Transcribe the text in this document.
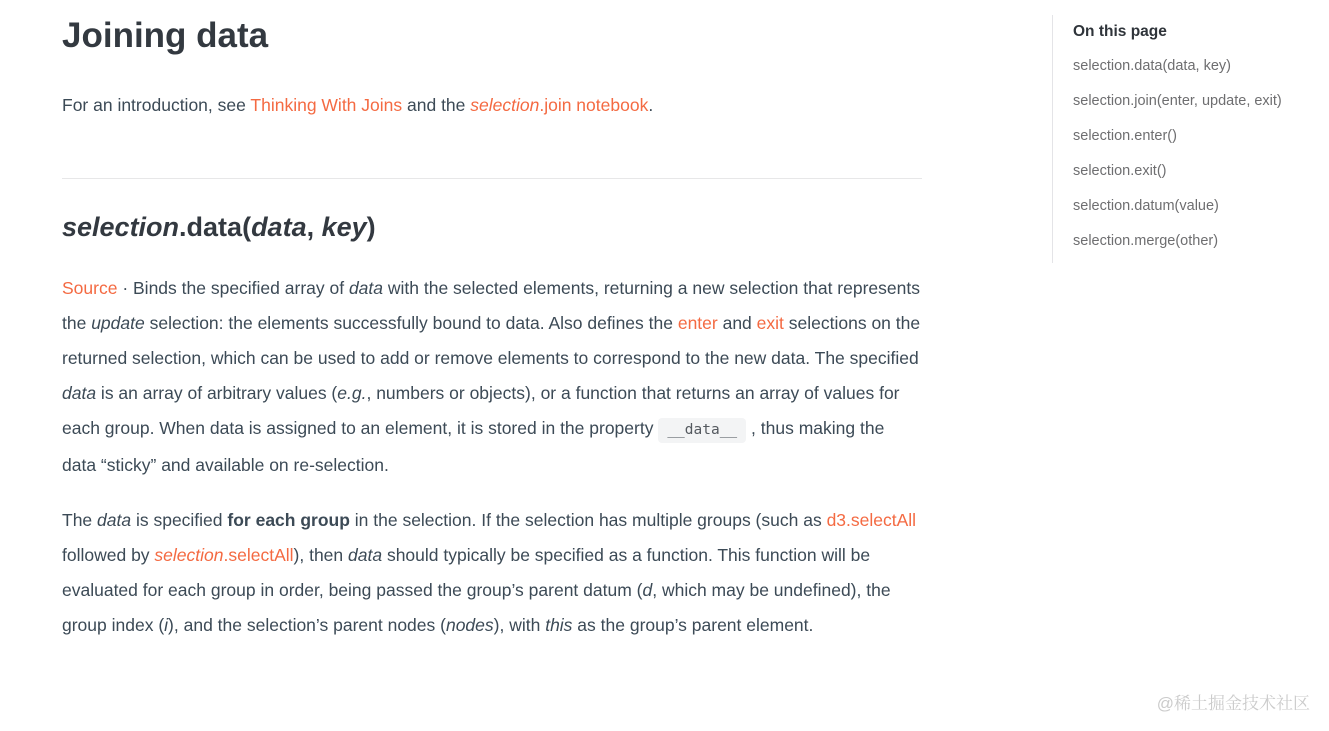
Joining data

For an introduction, see Thinking With Joins and the selection.join notebook.

selection.data(data, key)

Source · Binds the specified array of data with the selected elements, returning a new selection that represents the update selection: the elements successfully bound to data. Also defines the enter and exit selections on the returned selection, which can be used to add or remove elements to correspond to the new data. The specified data is an array of arbitrary values (e.g., numbers or objects), or a function that returns an array of values for each group. When data is assigned to an element, it is stored in the property __data__ , thus making the data “sticky” and available on re-selection.

The data is specified for each group in the selection. If the selection has multiple groups (such as d3.selectAll followed by selection.selectAll), then data should typically be specified as a function. This function will be evaluated for each group in order, being passed the group’s parent datum (d, which may be undefined), the group index (i), and the selection’s parent nodes (nodes), with this as the group’s parent element.

On this page
selection.data(data, key)
selection.join(enter, update, exit)
selection.enter()
selection.exit()
selection.datum(value)
selection.merge(other)
@稀土掘金技术社区
